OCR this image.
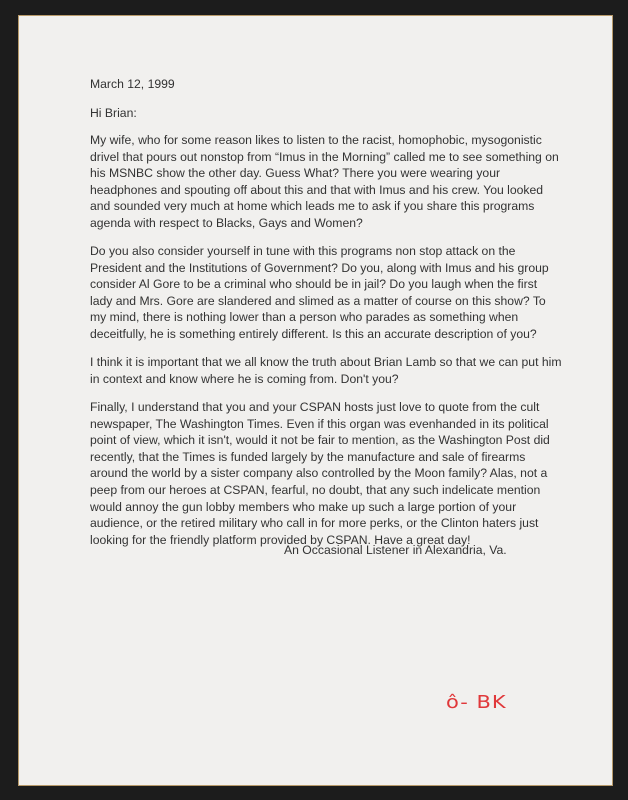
March 12, 1999
Hi Brian:
My wife, who for some reason likes to listen to the racist, homophobic, mysogonistic
drivel that pours out nonstop from “Imus in the Morning” called me to see something on
his MSNBC show the other day. Guess What? There you were wearing your
headphones and spouting off about this and that with Imus and his crew. You looked
and sounded very much at home which leads me to ask if you share this programs
agenda with respect to Blacks, Gays and Women?
Do you also consider yourself in tune with this programs non stop attack on the
President and the Institutions of Government? Do you, along with Imus and his group
consider Al Gore to be a criminal who should be in jail? Do you laugh when the first
lady and Mrs. Gore are slandered and slimed as a matter of course on this show? To
my mind, there is nothing lower than a person who parades as something when
deceitfully, he is something entirely different. Is this an accurate description of you?
I think it is important that we all know the truth about Brian Lamb so that we can put him
in context and know where he is coming from. Don't you?
Finally, I understand that you and your CSPAN hosts just love to quote from the cult
newspaper, The Washington Times. Even if this organ was evenhanded in its political
point of view, which it isn't, would it not be fair to mention, as the Washington Post did
recently, that the Times is funded largely by the manufacture and sale of firearms
around the world by a sister company also controlled by the Moon family? Alas, not a
peep from our heroes at CSPAN, fearful, no doubt, that any such indelicate mention
would annoy the gun lobby members who make up such a large portion of your
audience, or the retired military who call in for more perks, or the Clinton haters just
looking for the friendly platform provided by CSPAN. Have a great day!
An Occasional Listener in Alexandria, Va.
ô- BK
